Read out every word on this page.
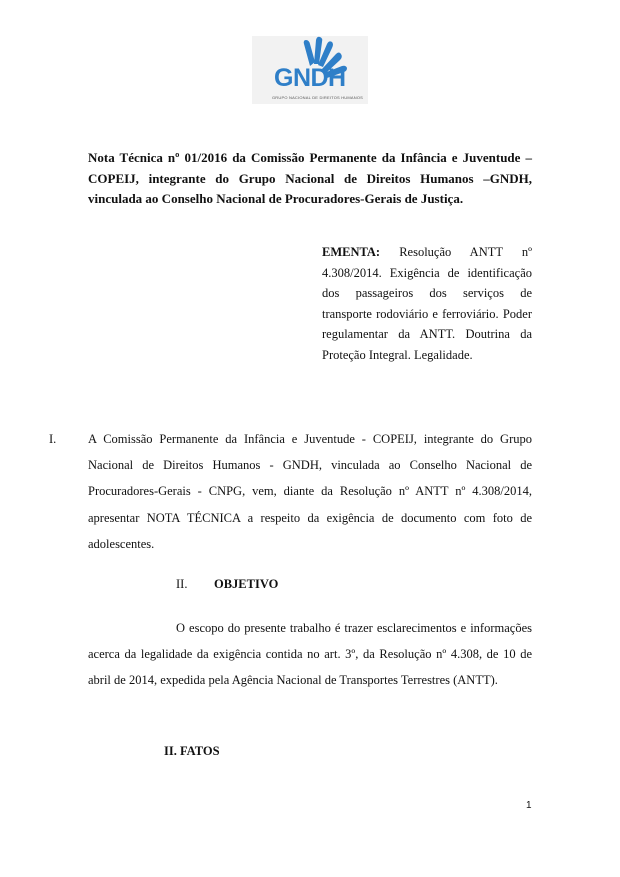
GNDH
GRUPO NACIONAL DE DIREITOS HUMANOS
Nota Técnica nº 01/2016 da Comissão Permanente da Infância e Juventude – COPEIJ, integrante do Grupo Nacional de Direitos Humanos –GNDH, vinculada ao Conselho Nacional de Procuradores-Gerais de Justiça.
EMENTA: Resolução ANTT nº 4.308/2014. Exigência de identificação dos passageiros dos serviços de transporte rodoviário e ferroviário. Poder regulamentar da ANTT. Doutrina da Proteção Integral. Legalidade.
I.	A Comissão Permanente da Infância e Juventude - COPEIJ, integrante do Grupo Nacional de Direitos Humanos - GNDH, vinculada ao Conselho Nacional de Procuradores-Gerais - CNPG, vem, diante da Resolução nº ANTT nº 4.308/2014, apresentar NOTA TÉCNICA a respeito da exigência de documento com foto de adolescentes.
II. OBJETIVO
O escopo do presente trabalho é trazer esclarecimentos e informações acerca da legalidade da exigência contida no art. 3º, da Resolução nº 4.308, de 10 de abril de 2014, expedida pela Agência Nacional de Transportes Terrestres (ANTT).
II. FATOS
1
